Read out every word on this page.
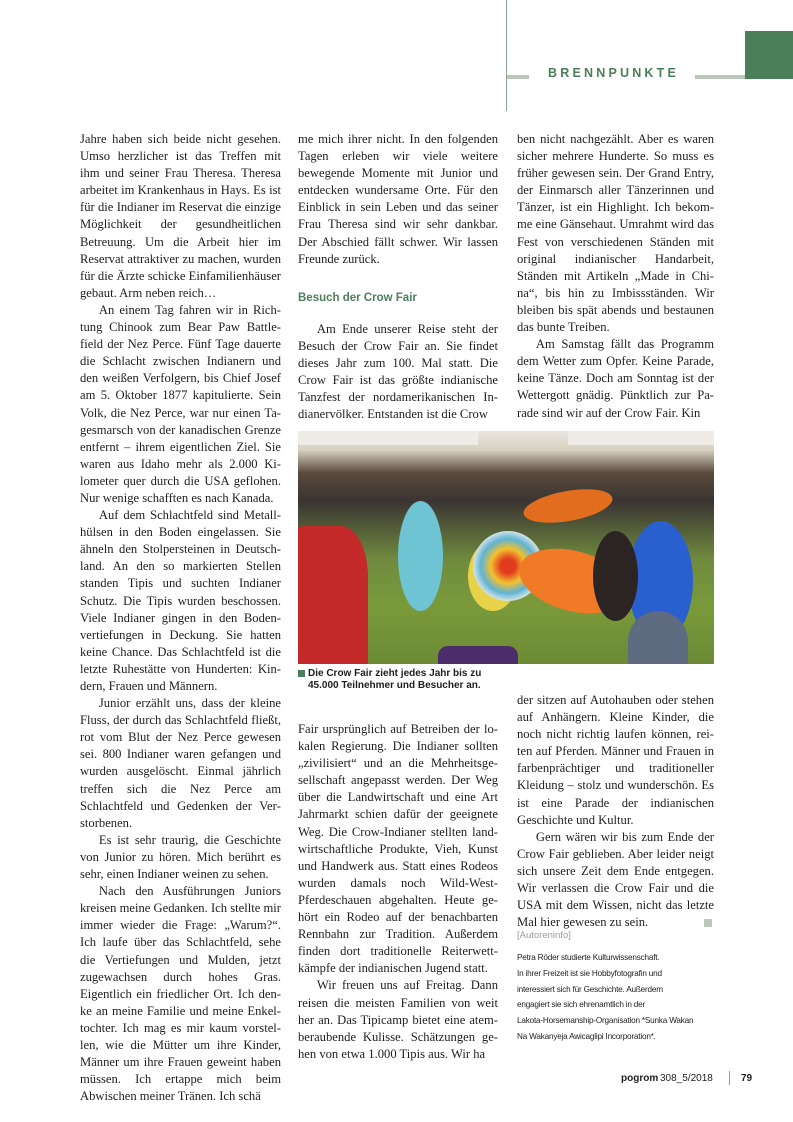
BRENNPUNKTE

Jahre haben sich beide nicht gesehen. Umso herzlicher ist das Treffen mit ihm und seiner Frau Theresa. Theresa arbeitet im Krankenhaus in Hays. Es ist für die Indianer im Reservat die einzige Möglichkeit der gesundheitlichen Betreuung. Um die Arbeit hier im Reservat attraktiver zu machen, wurden für die Ärzte schicke Einfamilienhäuser gebaut. Arm neben reich…

An einem Tag fahren wir in Richtung Chinook zum Bear Paw Battlefield der Nez Perce. Fünf Tage dauerte die Schlacht zwischen Indianern und den weißen Verfolgern, bis Chief Josef am 5. Oktober 1877 kapitulierte. Sein Volk, die Nez Perce, war nur einen Tagesmarsch von der kanadischen Grenze entfernt – ihrem eigentlichen Ziel. Sie waren aus Idaho mehr als 2.000 Kilometer quer durch die USA geflohen. Nur wenige schafften es nach Kanada.

Auf dem Schlachtfeld sind Metallhülsen in den Boden eingelassen. Sie ähneln den Stolpersteinen in Deutschland. An den so markierten Stellen standen Tipis und suchten Indianer Schutz. Die Tipis wurden beschossen. Viele Indianer gingen in den Bodenvertiefungen in Deckung. Sie hatten keine Chance. Das Schlachtfeld ist die letzte Ruhestätte von Hunderten: Kindern, Frauen und Männern.

Junior erzählt uns, dass der kleine Fluss, der durch das Schlachtfeld fließt, rot vom Blut der Nez Perce gewesen sei. 800 Indianer waren gefangen und wurden ausgelöscht. Einmal jährlich treffen sich die Nez Perce am Schlachtfeld und Gedenken der Verstorbenen.

Es ist sehr traurig, die Geschichte von Junior zu hören. Mich berührt es sehr, einen Indianer weinen zu sehen.

Nach den Ausführungen Juniors kreisen meine Gedanken. Ich stellte mir immer wieder die Frage: „Warum?“. Ich laufe über das Schlachtfeld, sehe die Vertiefungen und Mulden, jetzt zugewachsen durch hohes Gras. Eigentlich ein friedlicher Ort. Ich denke an meine Familie und meine Enkeltochter. Ich mag es mir kaum vorstellen, wie die Mütter um ihre Kinder, Männer um ihre Frauen geweint haben müssen. Ich ertappe mich beim Abwischen meiner Tränen. Ich schä

me mich ihrer nicht. In den folgenden Tagen erleben wir viele weitere bewegende Momente mit Junior und entdecken wundersame Orte. Für den Einblick in sein Leben und das seiner Frau Theresa sind wir sehr dankbar. Der Abschied fällt schwer. Wir lassen Freunde zurück.

Besuch der Crow Fair

Am Ende unserer Reise steht der Besuch der Crow Fair an. Sie findet dieses Jahr zum 100. Mal statt. Die Crow Fair ist das größte indianische Tanzfest der nordamerikanischen Indianervölker. Entstanden ist die Crow

ben nicht nachgezählt. Aber es waren sicher mehrere Hunderte. So muss es früher gewesen sein. Der Grand Entry, der Einmarsch aller Tänzerinnen und Tänzer, ist ein Highlight. Ich bekomme eine Gänsehaut. Umrahmt wird das Fest von verschiedenen Ständen mit original indianischer Handarbeit, Ständen mit Artikeln „Made in China“, bis hin zu Imbissständen. Wir bleiben bis spät abends und bestaunen das bunte Treiben.

Am Samstag fällt das Programm dem Wetter zum Opfer. Keine Parade, keine Tänze. Doch am Sonntag ist der Wettergott gnädig. Pünktlich zur Parade sind wir auf der Crow Fair. Kin

Die Crow Fair zieht jedes Jahr bis zu 45.000 Teilnehmer und Besucher an.

Fair ursprünglich auf Betreiben der lokalen Regierung. Die Indianer sollten „zivilisiert“ und an die Mehrheitsgesellschaft angepasst werden. Der Weg über die Landwirtschaft und eine Art Jahrmarkt schien dafür der geeignete Weg. Die Crow-Indianer stellten landwirtschaftliche Produkte, Vieh, Kunst und Handwerk aus. Statt eines Rodeos wurden damals noch Wild-West-Pferdeschauen abgehalten. Heute gehört ein Rodeo auf der benachbarten Rennbahn zur Tradition. Außerdem finden dort traditionelle Reiterwettkämpfe der indianischen Jugend statt.

Wir freuen uns auf Freitag. Dann reisen die meisten Familien von weit her an. Das Tipicamp bietet eine atemberaubende Kulisse. Schätzungen gehen von etwa 1.000 Tipis aus. Wir ha

der sitzen auf Autohauben oder stehen auf Anhängern. Kleine Kinder, die noch nicht richtig laufen können, reiten auf Pferden. Männer und Frauen in farbenprächtiger und traditioneller Kleidung – stolz und wunderschön. Es ist eine Parade der indianischen Geschichte und Kultur.

Gern wären wir bis zum Ende der Crow Fair geblieben. Aber leider neigt sich unsere Zeit dem Ende entgegen. Wir verlassen die Crow Fair und die USA mit dem Wissen, nicht das letzte Mal hier gewesen zu sein.

[Autoreninfo]
Petra Röder studierte Kulturwissenschaft.
In ihrer Freizeit ist sie Hobbyfotografin und
interessiert sich für Geschichte. Außerdem
engagiert sie sich ehrenamtlich in der
Lakota-Horsemanship-Organisation *Sunka Wakan
Na Wakanyeja Awicaglipi Incorporation*.
pogrom 308_5/2018	79
